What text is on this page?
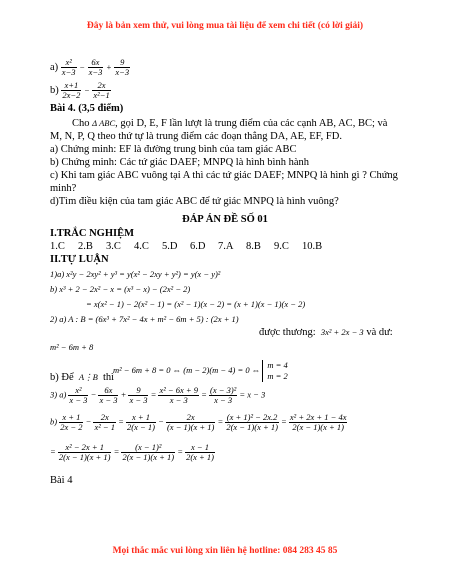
Đây là bản xem thử, vui lòng mua tài liệu để xem chi tiết (có lời giải)
Mọi thắc mắc vui lòng xin liên hệ hotline: 084 283 45 85
$a) \frac{\text{x²}}{x-3} - \frac{6x}{x-3} + \frac{9}{x-3}$
$b) \frac{x+1}{2x-2} - \frac{2x}{\text{x²−1}}$
Bài 4. (3,5 điểm)
Cho Δ ABC, gọi D, E, F lần lượt là trung điểm của các cạnh AB, AC, BC; và
M, N, P, Q theo thứ tự là trung điểm các đoạn thẳng DA, AE, EF, FD.
a) Chứng minh: EF là đường trung bình của tam giác ABC
b) Chứng minh: Các tứ giác DAEF; MNPQ là hình bình hành
c) Khi tam giác ABC vuông tại A thì các tứ giác DAEF; MNPQ là hình gì ? Chứng
minh?
d)Tìm điều kiện của tam giác ABC để tứ giác MNPQ là hình vuông?
ĐÁP ÁN ĐỀ SỐ 01
I.TRẮC NGHIỆM
1.C 2.B 3.C 4.C 5.D 6.D 7.A 8.B 9.C 10.B
II.TỰ LUẬN
1)a) x²y − 2xy² + y³ = y(x² − 2xy + y²) = y(x − y)²
b) x³ + 2 − 2x² − x = (x³ − x) − (2x² − 2)
= x(x² − 1) − 2(x² − 1) = (x² − 1)(x − 2) = (x + 1)(x − 1)(x − 2)
2) a) A : B = (6x³ + 7x² − 4x + m² − 6m + 5) : (2x + 1)
được thương: 3x² + 2x − 3 và dư:
m² − 6m + 8
m² − 6m + 8 = 0 ⇔ (m − 2)(m − 4) = 0 ⇔ m = 4
m = 2
b) Để A⋮B thì
3) $a) \frac{\text{x²}}{x - 3} - \frac{6x}{x - 3} + \frac{9}{x - 3} = \frac{\text{x² − 6x + 9}}{x - 3} = \frac{\text{(x − 3)²}}{x - 3} = x - 3$
$b) \frac{x + 1}{2x - 2} - \frac{2x}{\text{x² − 1}} = \frac{x + 1}{2(x - 1)} - \frac{2x}{(x - 1)(x + 1)} = \frac{\text{(x + 1)² − 2x.2}}{2(x - 1)(x + 1)} = \frac{\text{x² + 2x + 1 − 4x}}{2(x - 1)(x + 1)}$
= $\frac{\text{x² − 2x + 1}}{2(x - 1)(x + 1)} = \frac{\text{(x − 1)²}}{2(x - 1)(x + 1)} = \frac{x - 1}{2(x + 1)}$
Bài 4
